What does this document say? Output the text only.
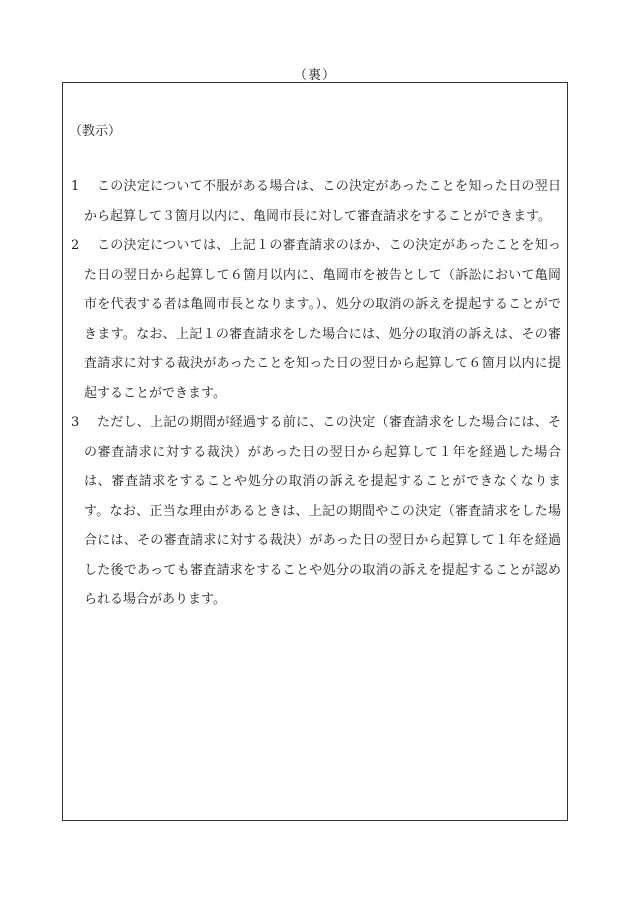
（裏）
（教示）
1	この決定について不服がある場合は、この決定があったことを知った日の翌日から起算して３箇月以内に、亀岡市長に対して審査請求をすることができます。
2	この決定については、上記１の審査請求のほか、この決定があったことを知った日の翌日から起算して６箇月以内に、亀岡市を被告として（訴訟において亀岡市を代表する者は亀岡市長となります。）、処分の取消の訴えを提起することができます。なお、上記１の審査請求をした場合には、処分の取消の訴えは、その審査請求に対する裁決があったことを知った日の翌日から起算して６箇月以内に提起することができます。
3	ただし、上記の期間が経過する前に、この決定（審査請求をした場合には、その審査請求に対する裁決）があった日の翌日から起算して１年を経過した場合は、審査請求をすることや処分の取消の訴えを提起することができなくなります。なお、正当な理由があるときは、上記の期間やこの決定（審査請求をした場合には、その審査請求に対する裁決）があった日の翌日から起算して１年を経過した後であっても審査請求をすることや処分の取消の訴えを提起することが認められる場合があります。
